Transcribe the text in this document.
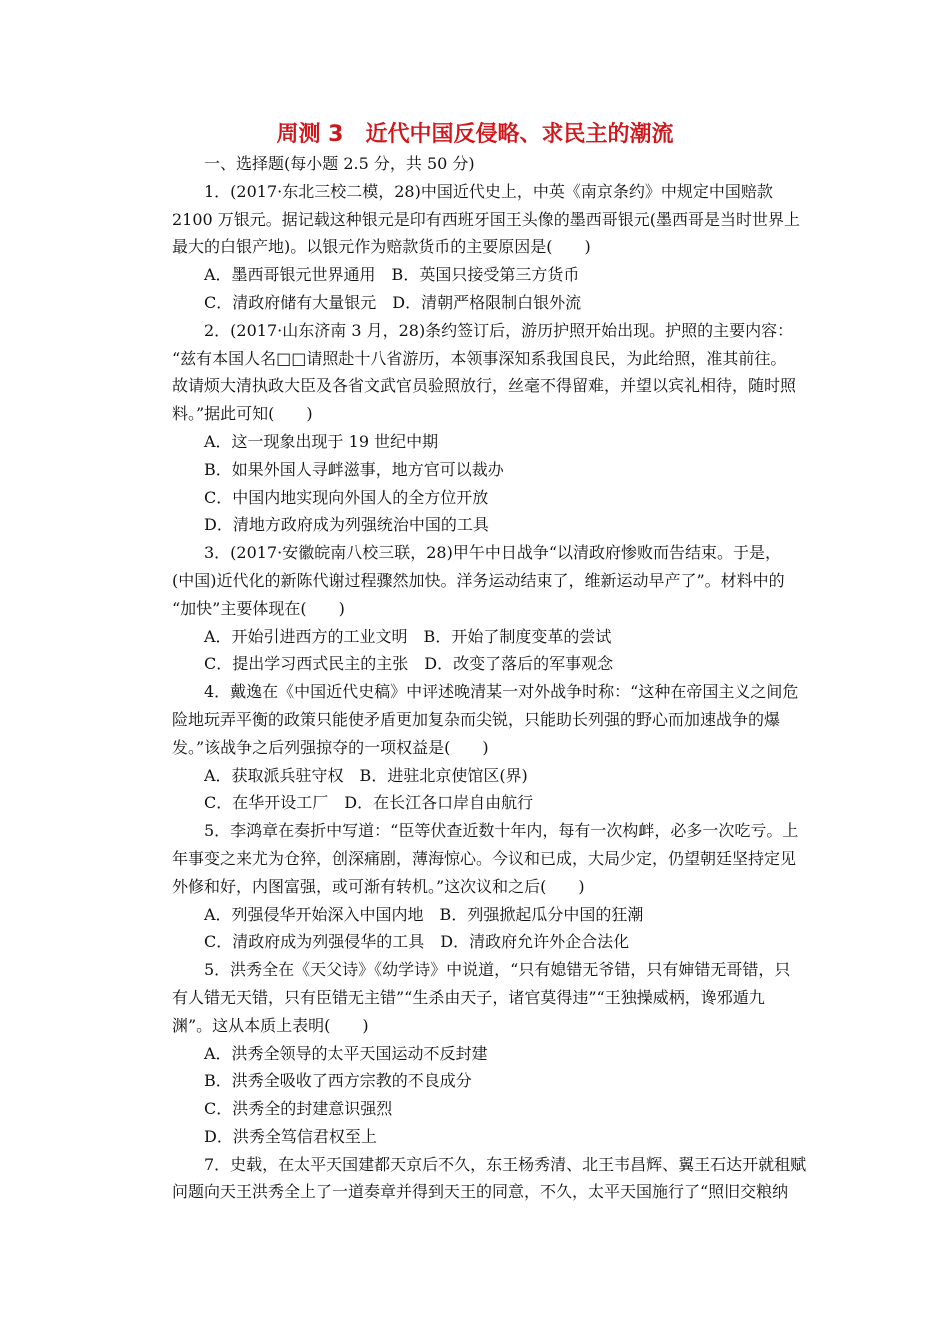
周测 3　近代中国反侵略、求民主的潮流
一、选择题(每小题 2.5 分，共 50 分)
1．(2017·东北三校二模，28)中国近代史上，中英《南京条约》中规定中国赔款
2100 万银元。据记载这种银元是印有西班牙国王头像的墨西哥银元(墨西哥是当时世界上
最大的白银产地)。以银元作为赔款货币的主要原因是(　　)
A．墨西哥银元世界通用　B．英国只接受第三方货币
C．清政府储有大量银元　D．清朝严格限制白银外流
2．(2017·山东济南 3 月，28)条约签订后，游历护照开始出现。护照的主要内容：
“兹有本国人名□□请照赴十八省游历，本领事深知系我国良民，为此给照，准其前往。
故请烦大清执政大臣及各省文武官员验照放行，丝毫不得留难，并望以宾礼相待，随时照
料。”据此可知(　　)
A．这一现象出现于 19 世纪中期
B．如果外国人寻衅滋事，地方官可以裁办
C．中国内地实现向外国人的全方位开放
D．清地方政府成为列强统治中国的工具
3．(2017·安徽皖南八校三联，28)甲午中日战争“以清政府惨败而告结束。于是，
(中国)近代化的新陈代谢过程骤然加快。洋务运动结束了，维新运动早产了”。材料中的
“加快”主要体现在(　　)
A．开始引进西方的工业文明　B．开始了制度变革的尝试
C．提出学习西式民主的主张　D．改变了落后的军事观念
4．戴逸在《中国近代史稿》中评述晚清某一对外战争时称：“这种在帝国主义之间危
险地玩弄平衡的政策只能使矛盾更加复杂而尖锐，只能助长列强的野心而加速战争的爆
发。”该战争之后列强掠夺的一项权益是(　　)
A．获取派兵驻守权　B．进驻北京使馆区(界)
C．在华开设工厂　D．在长江各口岸自由航行
5．李鸿章在奏折中写道：“臣等伏查近数十年内，每有一次构衅，必多一次吃亏。上
年事变之来尤为仓猝，创深痛剧，薄海惊心。今议和已成，大局少定，仍望朝廷坚持定见
外修和好，内图富强，或可渐有转机。”这次议和之后(　　)
A．列强侵华开始深入中国内地　B．列强掀起瓜分中国的狂潮
C．清政府成为列强侵华的工具　D．清政府允许外企合法化
5．洪秀全在《天父诗》《幼学诗》中说道，“只有媳错无爷错，只有婶错无哥错，只
有人错无天错，只有臣错无主错”“生杀由天子，诸官莫得违”“王独操威柄，谗邪遁九
渊”。这从本质上表明(　　)
A．洪秀全领导的太平天国运动不反封建
B．洪秀全吸收了西方宗教的不良成分
C．洪秀全的封建意识强烈
D．洪秀全笃信君权至上
7．史载，在太平天国建都天京后不久，东王杨秀清、北王韦昌辉、翼王石达开就租赋
问题向天王洪秀全上了一道奏章并得到天王的同意，不久，太平天国施行了“照旧交粮纳
